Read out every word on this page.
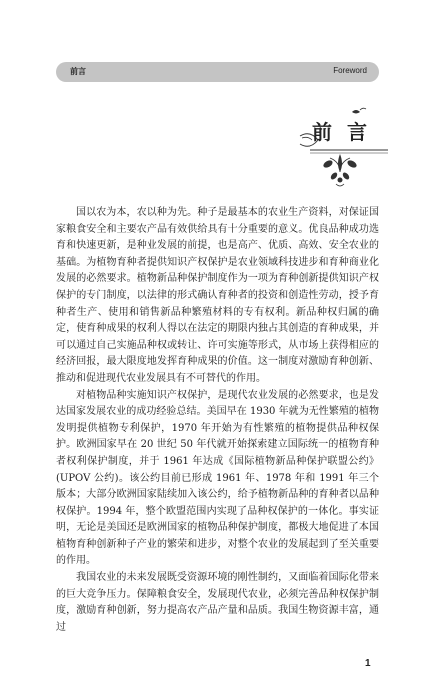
前言	Foreword
前 言

国以农为本，农以种为先。种子是最基本的农业生产资料，对保证国家粮食安全和主要农产品有效供给具有十分重要的意义。优良品种成功选育和快速更新，是种业发展的前提，也是高产、优质、高效、安全农业的基础。为植物育种者提供知识产权保护是农业领域科技进步和育种商业化发展的必然要求。植物新品种保护制度作为一项为育种创新提供知识产权保护的专门制度，以法律的形式确认育种者的投资和创造性劳动，授予育种者生产、使用和销售新品种繁殖材料的专有权利。新品种权归属的确定，使育种成果的权利人得以在法定的期限内独占其创造的育种成果，并可以通过自己实施品种权或转让、许可实施等形式，从市场上获得相应的经济回报，最大限度地发挥育种成果的价值。这一制度对激励育种创新、推动和促进现代农业发展具有不可替代的作用。

对植物品种实施知识产权保护，是现代农业发展的必然要求，也是发达国家发展农业的成功经验总结。美国早在 1930 年就为无性繁殖的植物发明提供植物专利保护，1970 年开始为有性繁殖的植物提供品种权保护。欧洲国家早在 20 世纪 50 年代就开始探索建立国际统一的植物育种者权利保护制度，并于 1961 年达成《国际植物新品种保护联盟公约》(UPOV 公约)。该公约目前已形成 1961 年、1978 年和 1991 年三个版本；大部分欧洲国家陆续加入该公约，给予植物新品种的育种者以品种权保护。1994 年，整个欧盟范围内实现了品种权保护的一体化。事实证明，无论是美国还是欧洲国家的植物品种保护制度，都极大地促进了本国植物育种创新种子产业的繁荣和进步，对整个农业的发展起到了至关重要的作用。

我国农业的未来发展既受资源环境的刚性制约，又面临着国际化带来的巨大竞争压力。保障粮食安全，发展现代农业，必须完善品种权保护制度，激励育种创新，努力提高农产品产量和品质。我国生物资源丰富，通过

1
